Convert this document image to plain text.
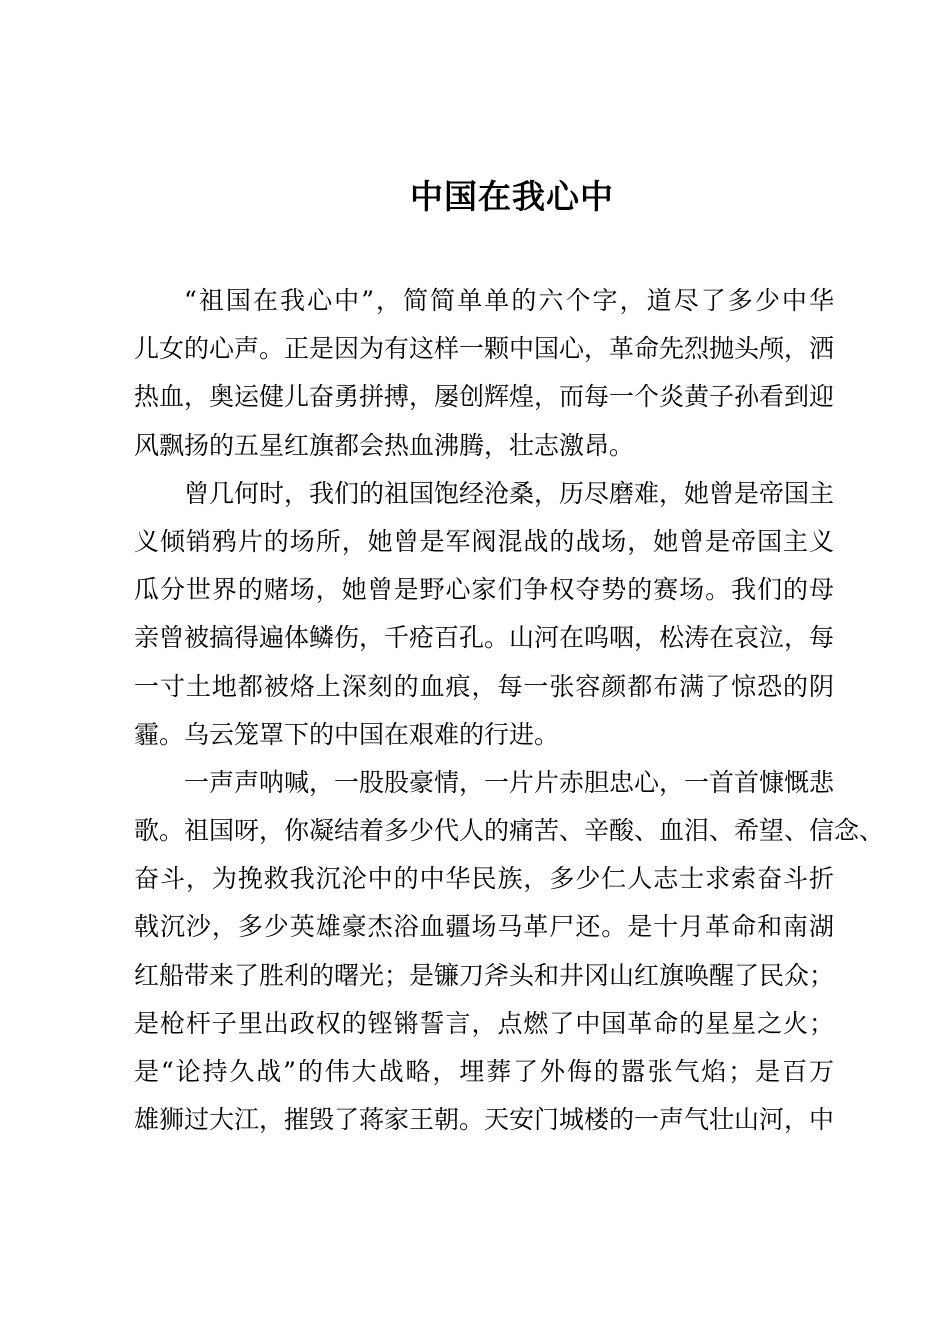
中国在我心中
“祖国在我心中”，简简单单的六个字，道尽了多少中华
儿女的心声。正是因为有这样一颗中国心，革命先烈抛头颅，洒
热血，奥运健儿奋勇拼搏，屡创辉煌，而每一个炎黄子孙看到迎
风飘扬的五星红旗都会热血沸腾，壮志激昂。
曾几何时，我们的祖国饱经沧桑，历尽磨难，她曾是帝国主
义倾销鸦片的场所，她曾是军阀混战的战场，她曾是帝国主义
瓜分世界的赌场，她曾是野心家们争权夺势的赛场。我们的母
亲曾被搞得遍体鳞伤，千疮百孔。山河在呜咽，松涛在哀泣，每
一寸土地都被烙上深刻的血痕，每一张容颜都布满了惊恐的阴
霾。乌云笼罩下的中国在艰难的行进。
一声声呐喊，一股股豪情，一片片赤胆忠心，一首首慷慨悲
歌。祖国呀，你凝结着多少代人的痛苦、辛酸、血泪、希望、信念、
奋斗，为挽救我沉沦中的中华民族，多少仁人志士求索奋斗折
戟沉沙，多少英雄豪杰浴血疆场马革尸还。是十月革命和南湖
红船带来了胜利的曙光；是镰刀斧头和井冈山红旗唤醒了民众；
是枪杆子里出政权的铿锵誓言，点燃了中国革命的星星之火；
是“论持久战”的伟大战略，埋葬了外侮的嚣张气焰；是百万
雄狮过大江，摧毁了蒋家王朝。天安门城楼的一声气壮山河，中
